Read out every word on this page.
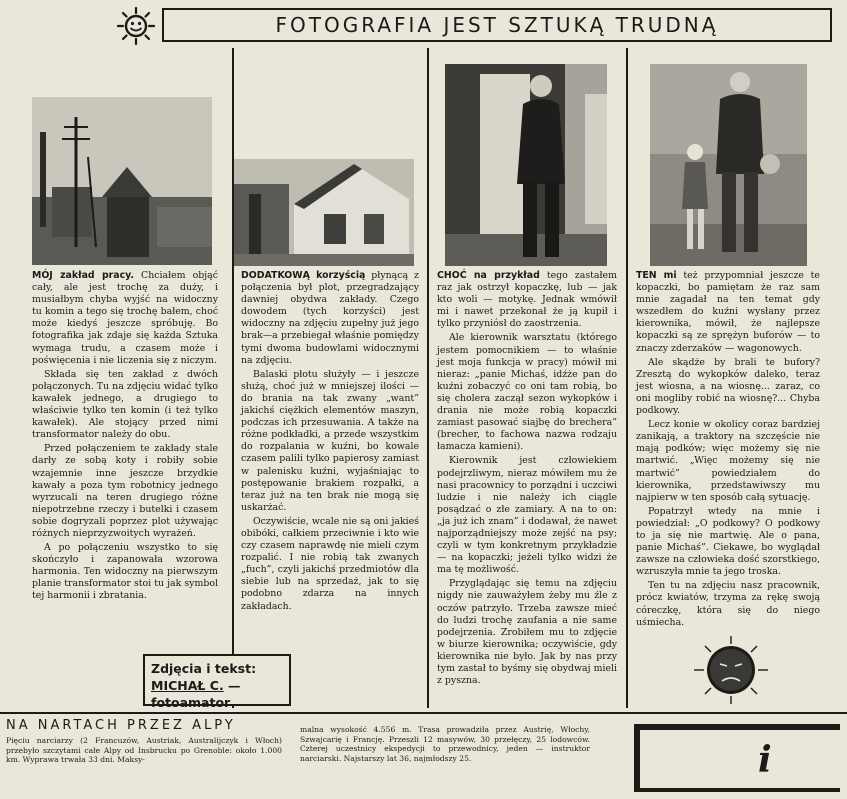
FOTOGRAFIA JEST SZTUKĄ TRUDNĄ

MÓJ zakład pracy. Chciałem objąć cały, ale jest trochę za duży, i musiałbym chyba wyjść na widoczny tu komin a tego się trochę bałem, choć może kiedyś jeszcze spróbuję. Bo fotografika jak zdaje się każda Sztuka wymaga trudu, a czasem może i poświęcenia i nie liczenia się z niczym.

Składa się ten zakład z dwóch połączonych. Tu na zdjęciu widać tylko kawałek jednego, a drugiego to właściwie tylko ten komin (i też tylko kawałek). Ale stojący przed nimi transformator należy do obu.

Przed połączeniem te zakłady stale darły ze sobą koty i robiły sobie wzajemnie inne jeszcze brzydkie kawały a poza tym robotnicy jednego wyrzucali na teren drugiego różne niepotrzebne rzeczy i butelki i czasem sobie dogryzali poprzez plot używając różnych nieprzyzwoitych wyrażeń.

A po połączeniu wszystko to się skończyło i zapanowała wzorowa harmonia. Ten widoczny na pierwszym planie transformator stoi tu jak symbol tej harmonii i zbratania.

DODATKOWĄ korzyścią płynącą z połączenia był plot, przegradzający dawniej obydwa zakłady. Czego dowodem (tych korzyści) jest widoczny na zdjęciu zupełny już jego brak—a przebiegał właśnie pomiędzy tymi dwoma budowlami widocznymi na zdjęciu.

Balaski płotu służyły — i jeszcze służą, choć już w mniejszej ilości — do brania na tak zwany „want” jakichś ciężkich elementów maszyn, podczas ich przesuwania. A także na różne podkładki, a przede wszystkim do rozpalania w kuźni, bo kowale czasem palili tylko papierosy zamiast w palenisku kuźni, wyjaśniając to postępowanie brakiem rozpałki, a teraz już na ten brak nie mogą się uskarżać.

Oczywiście, wcale nie są oni jakieś obibóki, całkiem przeciwnie i kto wie czy czasem naprawdę nie mieli czym rozpalić. I nie robią tak zwanych „fuch”, czyli jakichś przedmiotów dla siebie lub na sprzedaż, jak to się podobno zdarza na innych zakładach.

CHOĆ na przykład tego zastałem raz jak ostrzył kopaczkę, lub — jak kto woli — motykę. Jednak wmówił mi i nawet przekonał że ją kupił i tylko przyniósł do zaostrzenia.

Ale kierownik warsztatu (którego jestem pomocnikiem — to właśnie jest moja funkcja w pracy) mówił mi nieraz: „panie Michaś, idźże pan do kuźni zobaczyć co oni tam robią, bo się cholera zaczął sezon wykopków i drania nie może robią kopaczki zamiast pasować siajbę do brechera” (brecher, to fachowa nazwa rodzaju łamacza kamieni).

Kierownik jest człowiekiem podejrzliwym, nieraz mówiłem mu że nasi pracownicy to porządni i uczciwi ludzie i nie należy ich ciągle posądzać o złe zamiary. A na to on: „ja już ich znam” i dodawał, że nawet najporządniejszy może zejść na psy; czyli w tym konkretnym przykładzie — na kopaczki; jeżeli tylko widzi że ma tę możliwość.

Przyglądając się temu na zdjęciu nigdy nie zauważyłem żeby mu źle z oczów patrzyło. Trzeba zawsze mieć do ludzi trochę zaufania a nie same podejrzenia. Zrobiłem mu to zdjęcie w biurze kierownika; oczywiście, gdy kierownika nie było. Jak by nas przy tym zastał to byśmy się obydwaj mieli z pyszna.

TEN mi też przypomniał jeszcze te kopaczki, bo pamiętam że raz sam mnie zagadał na ten temat gdy wszedłem do kuźni wysłany przez kierownika, mówił, że najlepsze kopaczki są ze sprężyn buforów — to znaczy zderzaków — wagonowych.

Ale skądże by brali te bufory? Zresztą do wykopków daleko, teraz jest wiosna, a na wiosnę... zaraz, co oni mogliby robić na wiosnę?... Chyba podkowy.

Lecz konie w okolicy coraz bardziej zanikają, a traktory na szczęście nie mają podków; więc możemy się nie martwić. „Więc możemy się nie martwić” powiedziałem do kierownika, przedstawiwszy mu najpierw w ten sposób całą sytuację.

Popatrzył wtedy na mnie i powiedział: „O podkowy? O podkowy to ja się nie martwię. Ale o pana, panie Michaś”. Ciekawe, bo wyglądał zawsze na człowieka dość szorstkiego, wzruszyła mnie ta jego troska.

Ten tu na zdjęciu nasz pracownik, prócz kwiatów, trzyma za rękę swoją córeczkę, która się do niego uśmiecha.

Zdjęcia i tekst:
MICHAŁ C. — fotoamator
NA NARTACH PRZEZ ALPY
Pięciu narciarzy (2 Francuzów, Austriak, Australijczyk i Włoch) przebyło szczytami całe Alpy od Insbrucku po Grenoble: około 1.000 km. Wyprawa trwała 33 dni. Maksy-
malna wysokość 4.556 m. Trasa prowadziła przez Austrię, Włochy, Szwajcarię i Francję. Przeszli 12 masywów, 30 przełęczy, 25 lodowców. Czterej uczestnicy ekspedycji to przewodnicy, jeden — instruktor narciarski. Najstarszy lat 36, najmłodszy 25.	i
